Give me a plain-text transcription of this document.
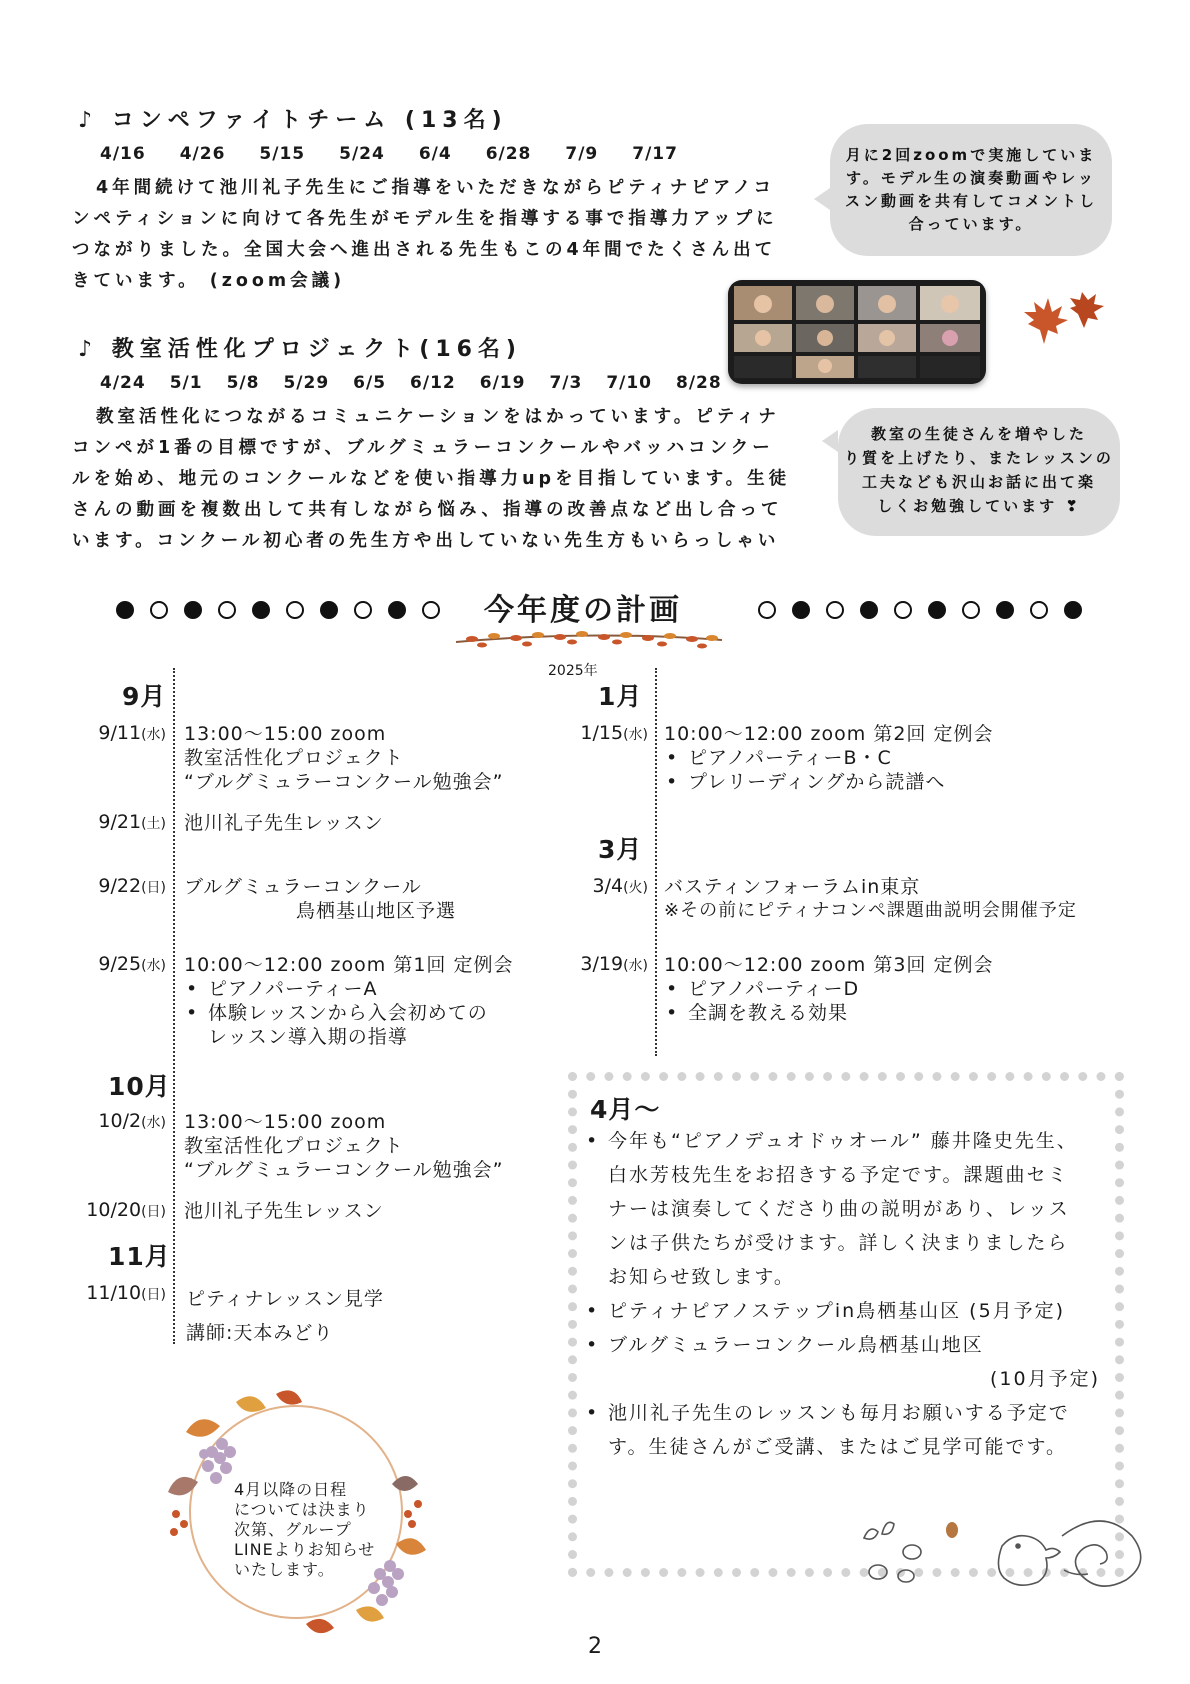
♪ コンペファイトチーム (13名)
4/16 4/26 5/15 5/24 6/4 6/28 7/9 7/17
4年間続けて池川礼子先生にご指導をいただきながらピティナピアノコ
ンペティションに向けて各先生がモデル生を指導する事で指導力アップに
つながりました。全国大会へ進出される先生もこの4年間でたくさん出て
きています。 (zoom会議)
月に2回zoomで実施していま
す。モデル生の演奏動画やレッ
スン動画を共有してコメントし
合っています。
♪ 教室活性化プロジェクト(16名)
4/24 5/1 5/8 5/29 6/5 6/12 6/19 7/3 7/10 8/28
教室活性化につながるコミュニケーションをはかっています。ピティナ
コンペが1番の目標ですが、ブルグミュラーコンクールやバッハコンクー
ルを始め、地元のコンクールなどを使い指導力upを目指しています。生徒
さんの動画を複数出して共有しながら悩み、指導の改善点など出し合って
います。コンクール初心者の先生方や出していない先生方もいらっしゃい
教室の生徒さんを増やした
り質を上げたり、またレッスンの
工夫なども沢山お話に出て楽
しくお勉強しています ❣
今年度の計画
2025年
9月
9/11(水) 13:00〜15:00 zoom
教室活性化プロジェクト
“ブルグミュラーコンクール勉強会”
9/21(土) 池川礼子先生レッスン
9/22(日) ブルグミュラーコンクール
鳥栖基山地区予選
9/25(水) 10:00〜12:00 zoom 第1回 定例会
• ピアノパーティーA
• 体験レッスンから入会初めての
レッスン導入期の指導
10月
10/2(水) 13:00〜15:00 zoom
教室活性化プロジェクト
“ブルグミュラーコンクール勉強会”
10/20(日) 池川礼子先生レッスン
11月
11/10(日) ピティナレッスン見学
講師:天本みどり
1月
1/15(水) 10:00〜12:00 zoom 第2回 定例会
• ピアノパーティーB・C
• プレリーディングから読譜へ
3月
3/4(火) バスティンフォーラムin東京
※その前にピティナコンペ課題曲説明会開催予定
3/19(水) 10:00〜12:00 zoom 第3回 定例会
• ピアノパーティーD
• 全調を教える効果
4月〜
• 今年も“ピアノデュオドゥオール” 藤井隆史先生、
白水芳枝先生をお招きする予定です。課題曲セミ
ナーは演奏してくださり曲の説明があり、レッス
ンは子供たちが受けます。詳しく決まりましたら
お知らせ致します。
• ピティナピアノステップin鳥栖基山区 (5月予定)
• ブルグミュラーコンクール鳥栖基山地区
(10月予定)
• 池川礼子先生のレッスンも毎月お願いする予定で
す。生徒さんがご受講、またはご見学可能です。
4月以降の日程
については決まり
次第、グループ
LINEよりお知らせ
いたします。
2
